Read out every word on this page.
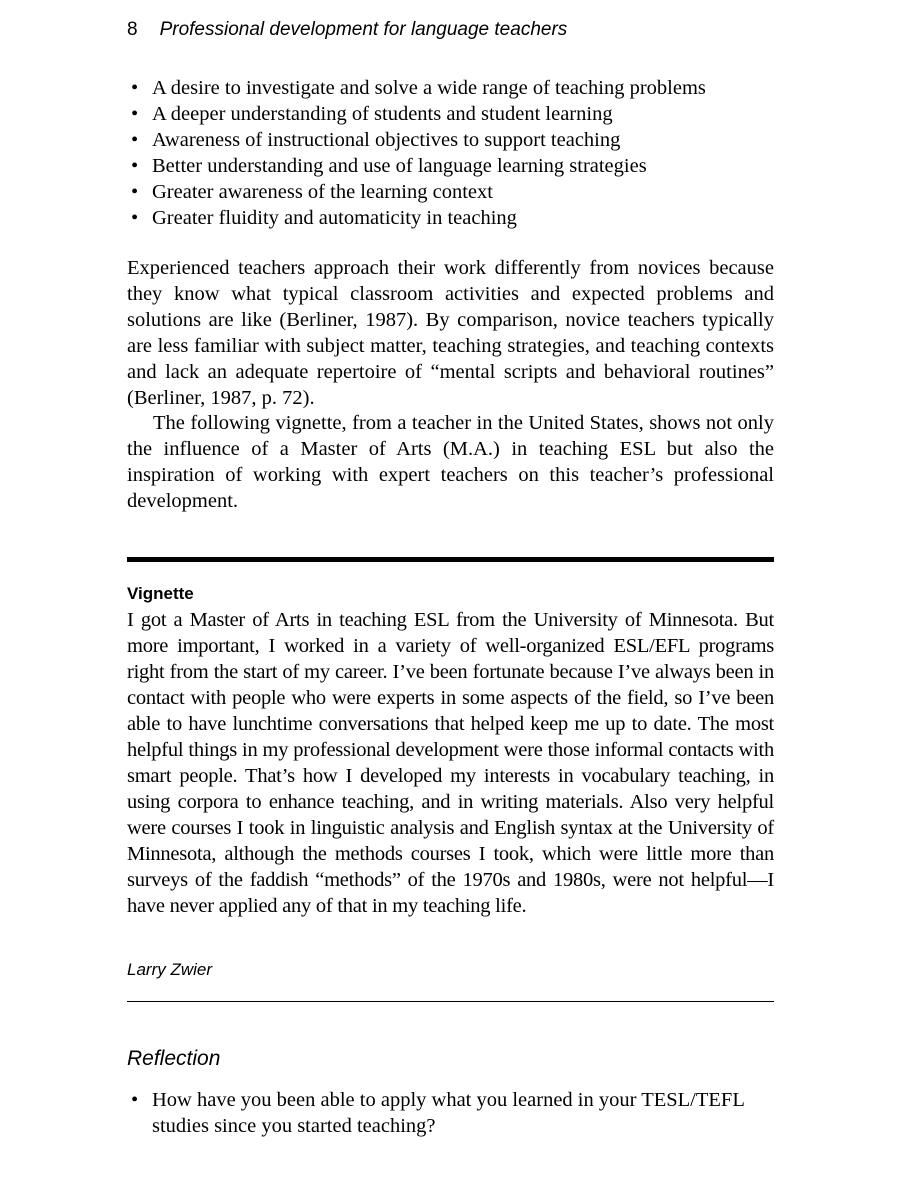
8 Professional development for language teachers
• A desire to investigate and solve a wide range of teaching problems
• A deeper understanding of students and student learning
• Awareness of instructional objectives to support teaching
• Better understanding and use of language learning strategies
• Greater awareness of the learning context
• Greater fluidity and automaticity in teaching

Experienced teachers approach their work differently from novices because they know what typical classroom activities and expected problems and solutions are like (Berliner, 1987). By comparison, novice teachers typically are less familiar with subject matter, teaching strategies, and teaching contexts and lack an adequate repertoire of “mental scripts and behavioral routines” (Berliner, 1987, p. 72).

The following vignette, from a teacher in the United States, shows not only the influence of a Master of Arts (M.A.) in teaching ESL but also the inspiration of working with expert teachers on this teacher’s professional development.

Vignette

I got a Master of Arts in teaching ESL from the University of Minnesota. But more important, I worked in a variety of well-organized ESL/EFL programs right from the start of my career. I’ve been fortunate because I’ve always been in contact with people who were experts in some aspects of the field, so I’ve been able to have lunchtime conversations that helped keep me up to date. The most helpful things in my professional development were those informal contacts with smart people. That’s how I developed my interests in vocabulary teaching, in using corpora to enhance teaching, and in writing materials. Also very helpful were courses I took in linguistic analysis and English syntax at the University of Minnesota, although the methods courses I took, which were little more than surveys of the faddish “methods” of the 1970s and 1980s, were not helpful—I have never applied any of that in my teaching life.

Larry Zwier
Reflection
• How have you been able to apply what you learned in your TESL/TEFL studies since you started teaching?
